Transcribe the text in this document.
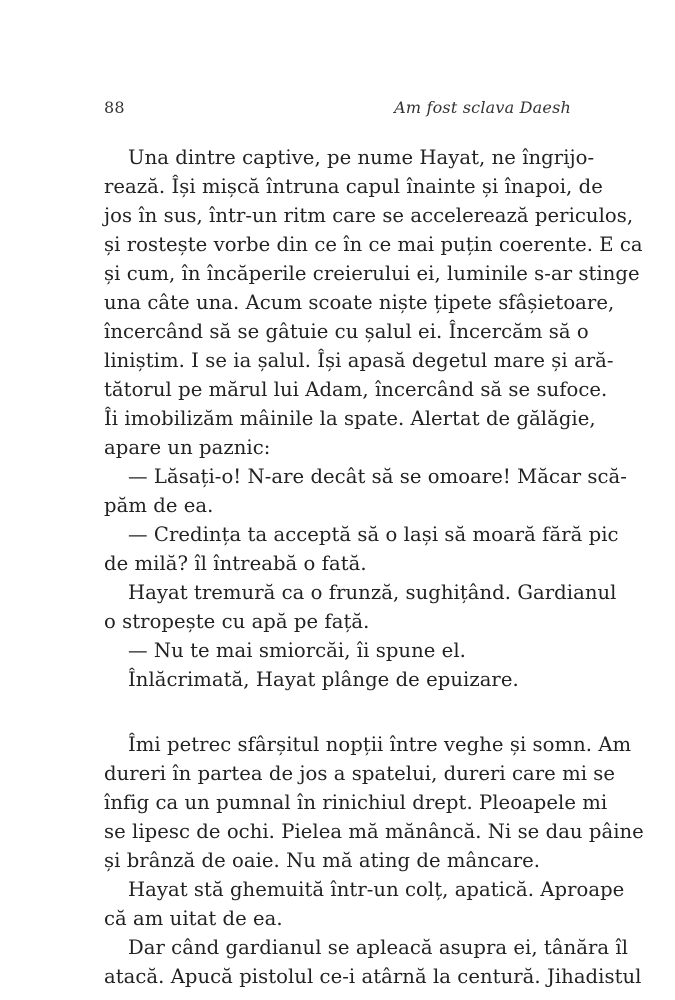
88	Am fost sclava Daesh
Una dintre captive, pe nume Hayat, ne îngrijo-
rează. Își mișcă întruna capul înainte și înapoi, de
jos în sus, într-un ritm care se accelerează periculos,
și rostește vorbe din ce în ce mai puțin coerente. E ca
și cum, în încăperile creierului ei, luminile s-ar stinge
una câte una. Acum scoate niște țipete sfâșietoare,
încercând să se gâtuie cu șalul ei. Încercăm să o
liniștim. I se ia șalul. Își apasă degetul mare și ară-
tătorul pe mărul lui Adam, încercând să se sufoce.
Îi imobilizăm mâinile la spate. Alertat de gălăgie,
apare un paznic:
— Lăsați-o! N-are decât să se omoare! Măcar scă-
păm de ea.
— Credința ta acceptă să o lași să moară fără pic
de milă? îl întreabă o fată.
Hayat tremură ca o frunză, sughițând. Gardianul
o stropește cu apă pe față.
— Nu te mai smiorcăi, îi spune el.
Înlăcrimată, Hayat plânge de epuizare.
Îmi petrec sfârșitul nopții între veghe și somn. Am
dureri în partea de jos a spatelui, dureri care mi se
înfig ca un pumnal în rinichiul drept. Pleoapele mi
se lipesc de ochi. Pielea mă mănâncă. Ni se dau pâine
și brânză de oaie. Nu mă ating de mâncare.
Hayat stă ghemuită într-un colț, apatică. Aproape
că am uitat de ea.
Dar când gardianul se apleacă asupra ei, tânăra îl
atacă. Apucă pistolul ce-i atârnă la centură. Jihadistul
